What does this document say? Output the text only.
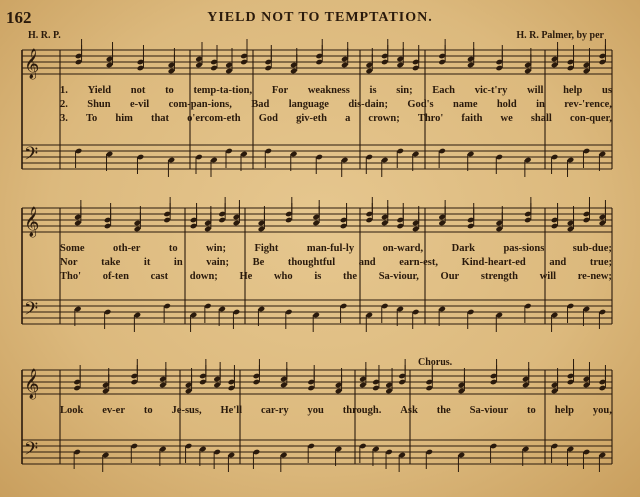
162	YIELD NOT TO TEMPTATION.
H. R. P.	H. R. Palmer, by per
Chorus.
𝄞
𝄢
𝄞
𝄢
𝄞
𝄢
1. Yield not to temp-ta-tion, For weakness is sin; Each vic-t'ry will help us
2. Shun e-vil com-pan-ions, Bad language dis-dain; God's name hold in rev-'rence,
3. To him that o'ercom-eth God giv-eth a crown; Thro' faith we shall con-quer,
Some	oth-er	to	win;	Fight	man-ful-ly	on-ward,	Dark	pas-sions	sub-due;
Nor take it in vain; Be thoughtful and earn-est, Kind-heart-ed and true;
Tho' of-ten cast down; He who is the Sa-viour, Our strength will re-new;
Look ev-er to Je-sus, He'll car-ry you through. Ask the Sa-viour to help you,
